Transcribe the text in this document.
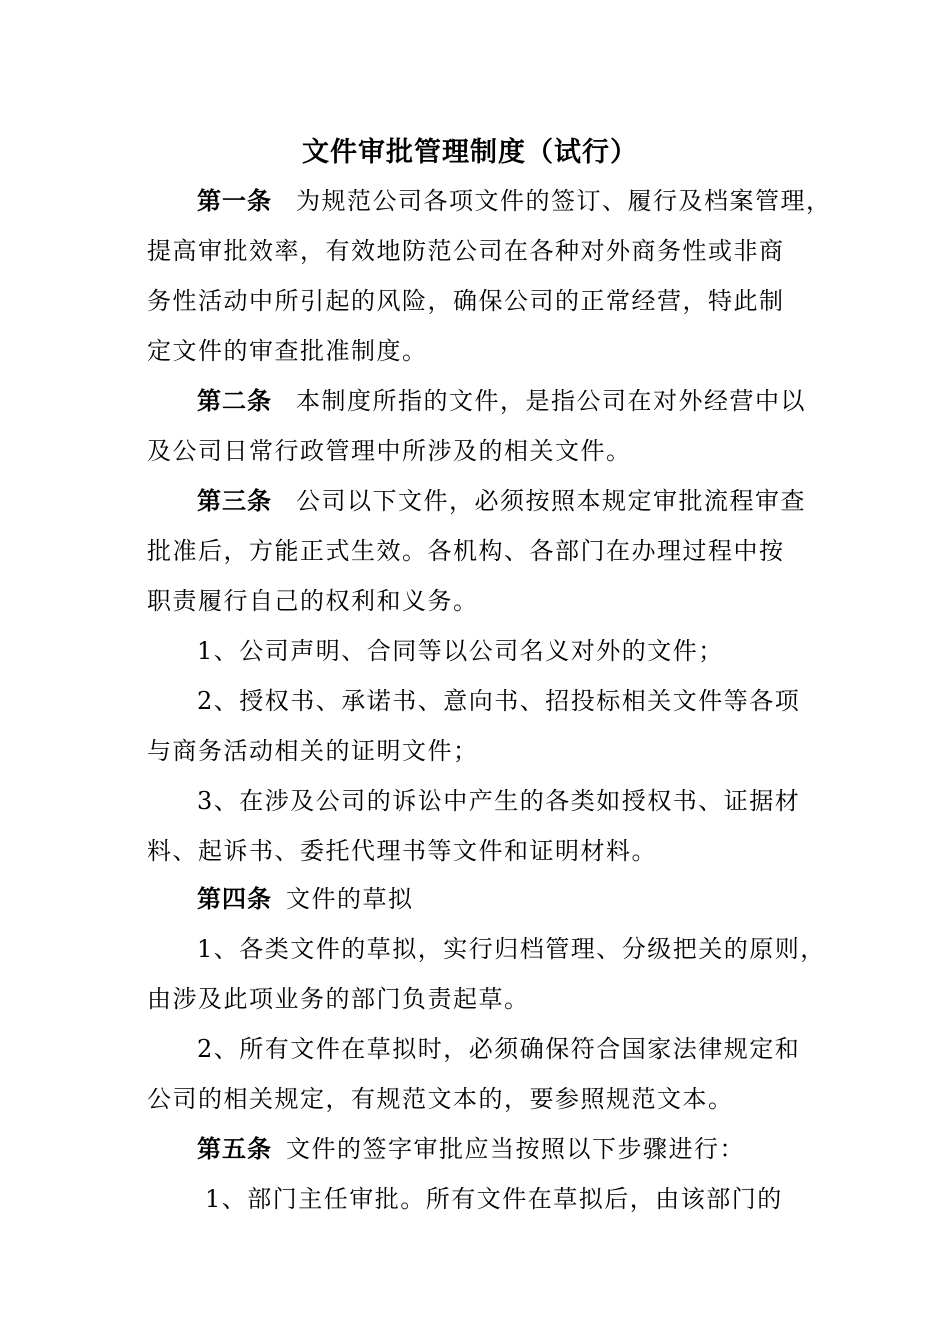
文件审批管理制度（试行）
第一条 为规范公司各项文件的签订、履行及档案管理，
提高审批效率，有效地防范公司在各种对外商务性或非商
务性活动中所引起的风险，确保公司的正常经营，特此制
定文件的审查批准制度。
第二条 本制度所指的文件，是指公司在对外经营中以
及公司日常行政管理中所涉及的相关文件。
第三条 公司以下文件，必须按照本规定审批流程审查
批准后，方能正式生效。各机构、各部门在办理过程中按
职责履行自己的权利和义务。
1、公司声明、合同等以公司名义对外的文件；
2、授权书、承诺书、意向书、招投标相关文件等各项
与商务活动相关的证明文件；
3、在涉及公司的诉讼中产生的各类如授权书、证据材
料、起诉书、委托代理书等文件和证明材料。
第四条 文件的草拟
1、各类文件的草拟，实行归档管理、分级把关的原则，
由涉及此项业务的部门负责起草。
2、所有文件在草拟时，必须确保符合国家法律规定和
公司的相关规定，有规范文本的，要参照规范文本。
第五条 文件的签字审批应当按照以下步骤进行：
1、部门主任审批。所有文件在草拟后，由该部门的
